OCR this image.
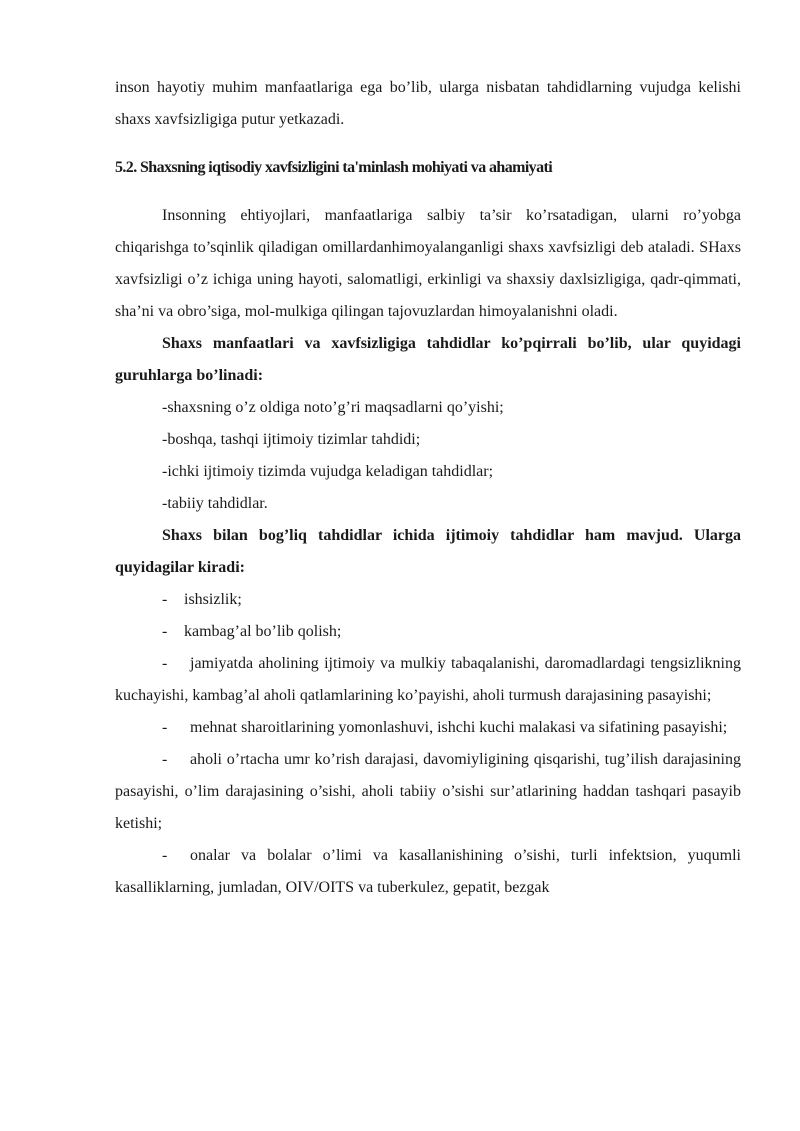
inson hayotiy muhim manfaatlariga ega bo’lib, ularga nisbatan tahdidlarning vujudga kelishi shaxs xavfsizligiga putur yetkazadi.

5.2. Shaxsning iqtisodiy xavfsizligini ta'minlash mohiyati va ahamiyati

Insonning ehtiyojlari, manfaatlariga salbiy ta’sir ko’rsatadigan, ularni ro’yobga chiqarishga to’sqinlik qiladigan omillardanhimoyalanganligi shaxs xavfsizligi deb ataladi. SHaxs xavfsizligi o’z ichiga uning hayoti, salomatligi, erkinligi va shaxsiy daxlsizligiga, qadr-qimmati, sha’ni va obro’siga, mol-mulkiga qilingan tajovuzlardan himoyalanishni oladi.

Shaxs manfaatlari va xavfsizligiga tahdidlar ko’pqirrali bo’lib, ular quyidagi guruhlarga bo’linadi:

-shaxsning o’z oldiga noto’g’ri maqsadlarni qo’yishi;

-boshqa, tashqi ijtimoiy tizimlar tahdidi;

-ichki ijtimoiy tizimda vujudga keladigan tahdidlar;

-tabiiy tahdidlar.

Shaxs bilan bog’liq tahdidlar ichida ijtimoiy tahdidlar ham mavjud. Ularga quyidagilar kiradi:

- ishsizlik;

- kambag’al bo’lib qolish;

- jamiyatda aholining ijtimoiy va mulkiy tabaqalanishi, daromadlardagi tengsizlikning kuchayishi, kambag’al aholi qatlamlarining ko’payishi, aholi turmush darajasining pasayishi;

- mehnat sharoitlarining yomonlashuvi, ishchi kuchi malakasi va sifatining pasayishi;

- aholi o’rtacha umr ko’rish darajasi, davomiyligining qisqarishi, tug’ilish darajasining pasayishi, o’lim darajasining o’sishi, aholi tabiiy o’sishi sur’atlarining haddan tashqari pasayib ketishi;

- onalar va bolalar o’limi va kasallanishining o’sishi, turli infektsion, yuqumli kasalliklarning, jumladan, OIV/OITS va tuberkulez, gepatit, bezgak
